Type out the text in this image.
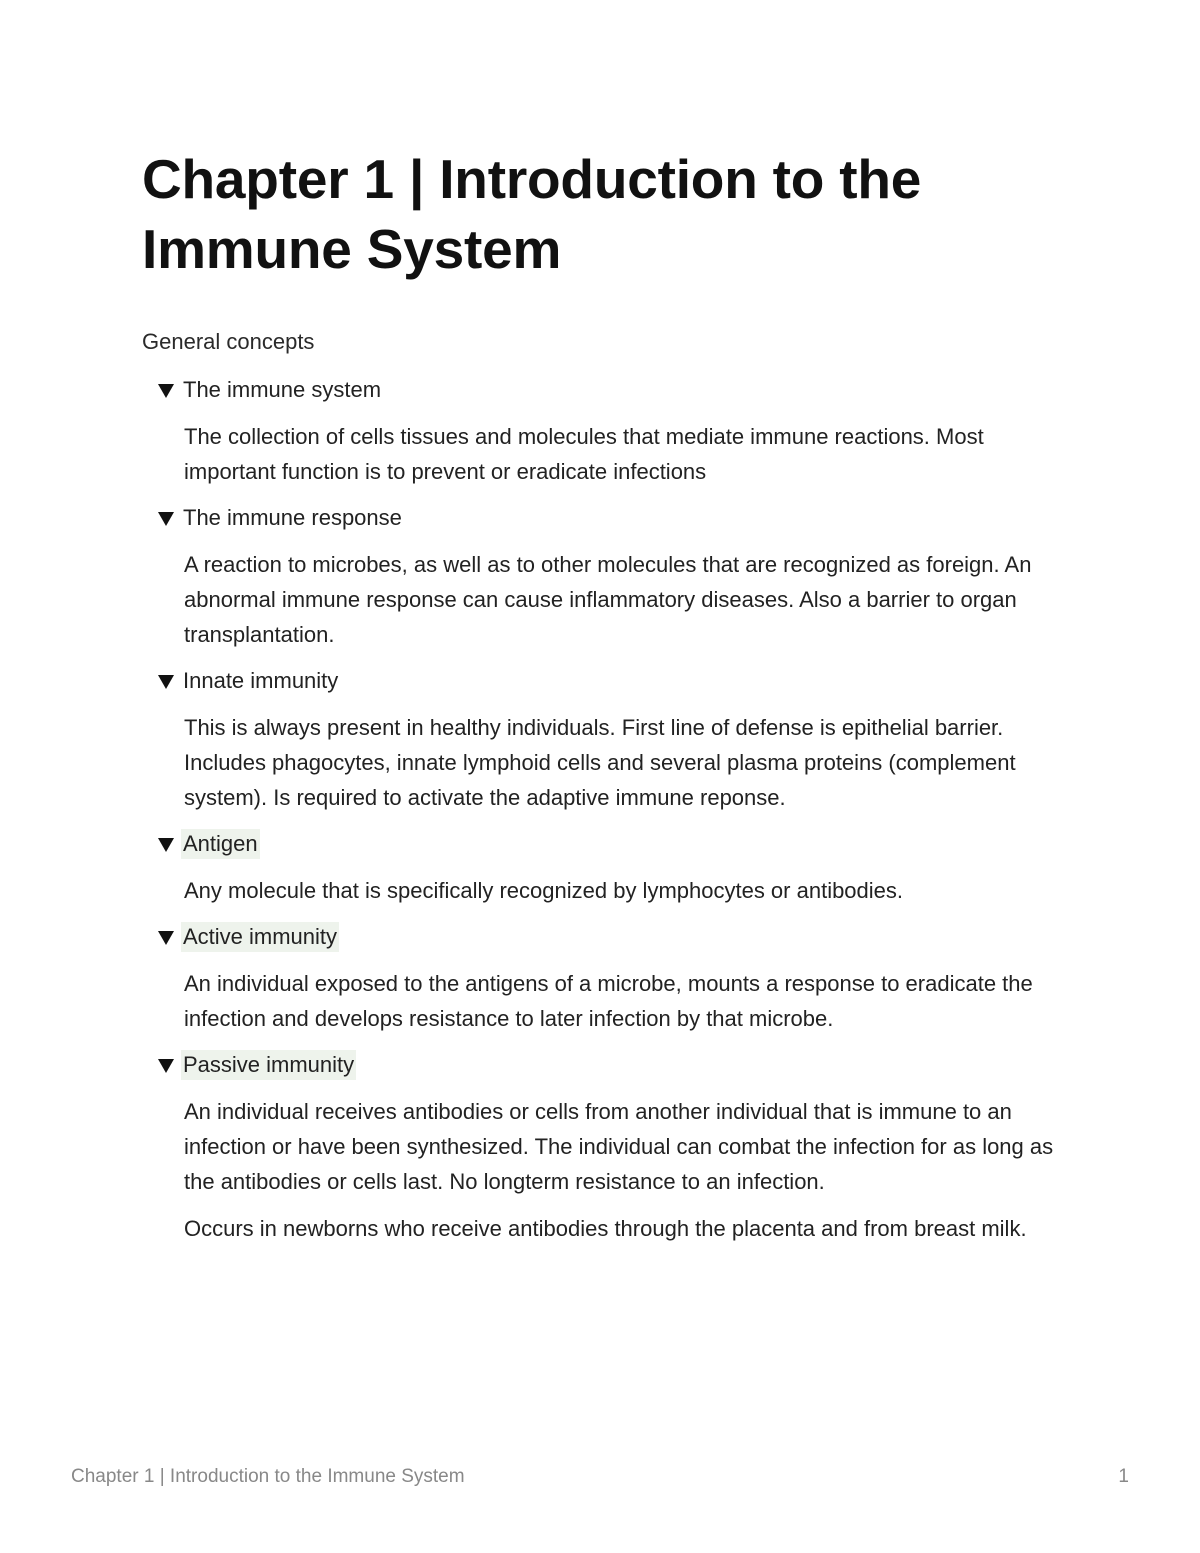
Chapter 1 | Introduction to the Immune System
General concepts
The immune system

The collection of cells tissues and molecules that mediate immune reactions. Most important function is to prevent or eradicate infections

The immune response

A reaction to microbes, as well as to other molecules that are recognized as foreign. An abnormal immune response can cause inflammatory diseases. Also a barrier to organ transplantation.

Innate immunity

This is always present in healthy individuals. First line of defense is epithelial barrier. Includes phagocytes, innate lymphoid cells and several plasma proteins (complement system). Is required to activate the adaptive immune reponse.

Antigen

Any molecule that is specifically recognized by lymphocytes or antibodies.

Active immunity

An individual exposed to the antigens of a microbe, mounts a response to eradicate the infection and develops resistance to later infection by that microbe.

Passive immunity

An individual receives antibodies or cells from another individual that is immune to an infection or have been synthesized. The individual can combat the infection for as long as the antibodies or cells last. No longterm resistance to an infection.

Occurs in newborns who receive antibodies through the placenta and from breast milk.

Chapter 1 | Introduction to the Immune System	1
